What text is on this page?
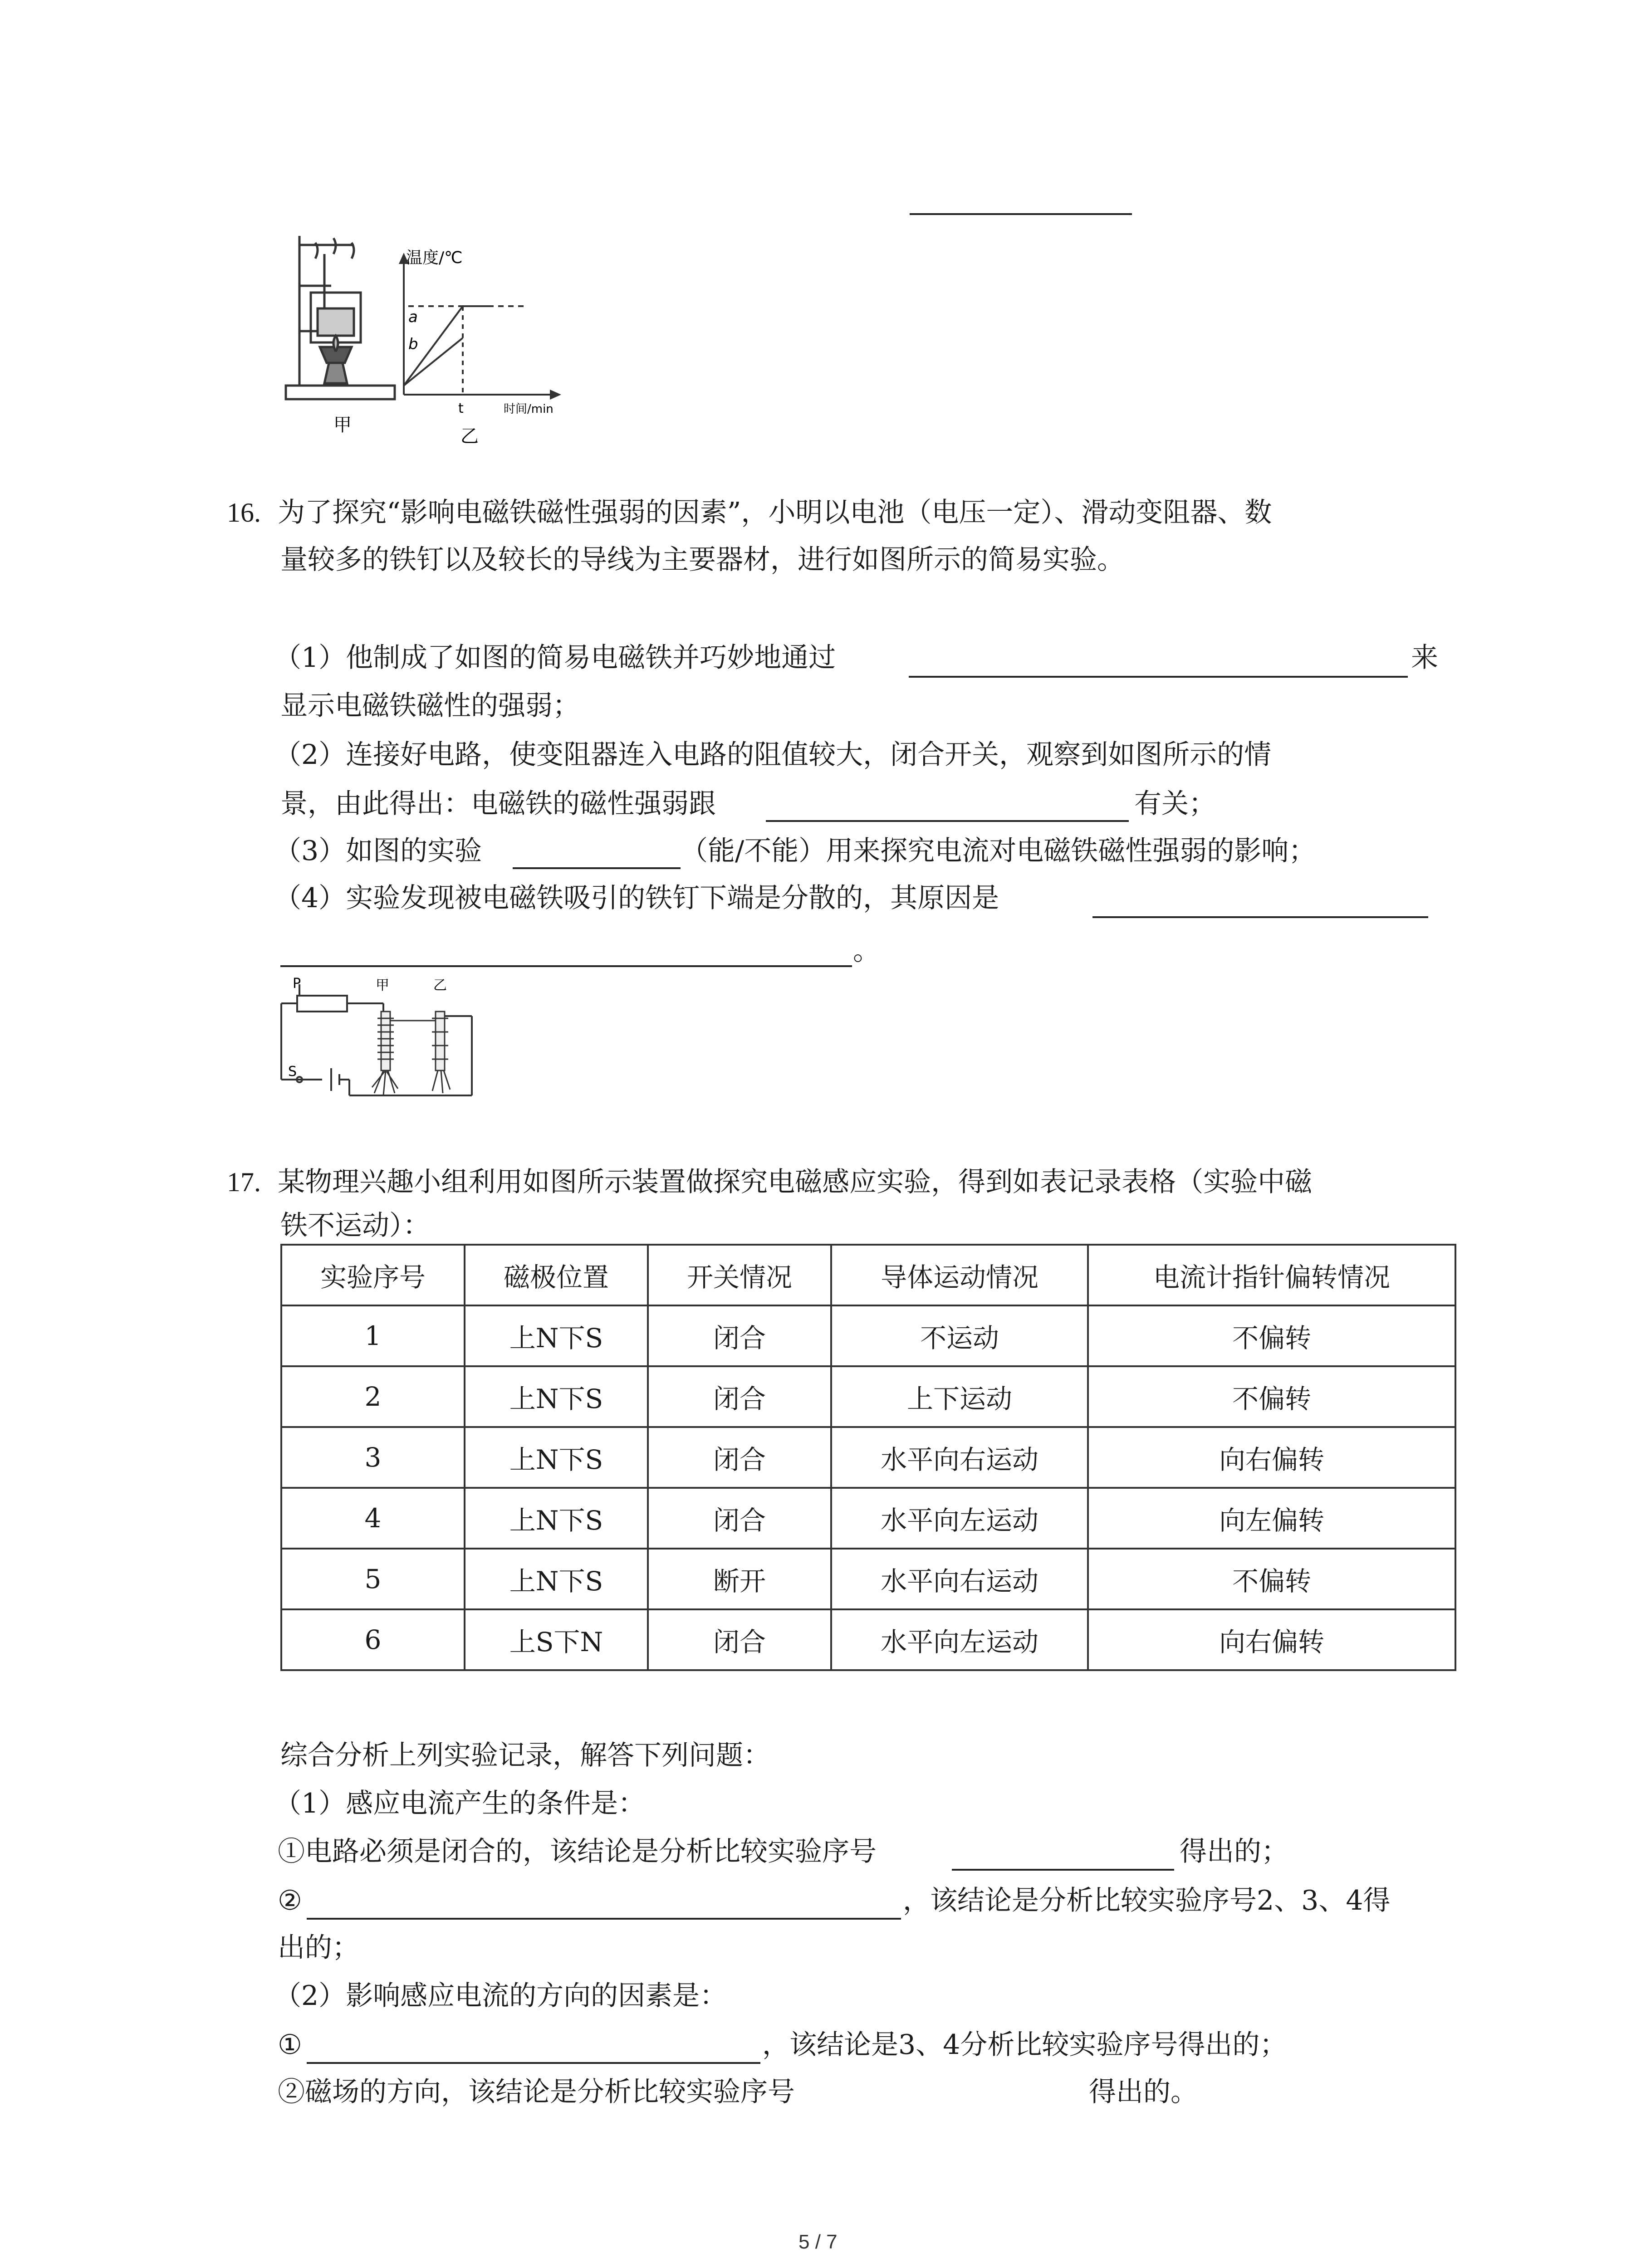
甲
温度/℃
时间/min
a
b
t
乙
16. 为了探究“影响电磁铁磁性强弱的因素”，小明以电池（电压一定）、滑动变阻器、数
量较多的铁钉以及较长的导线为主要器材，进行如图所示的简易实验。
（1）他制成了如图的简易电磁铁并巧妙地通过	来
显示电磁铁磁性的强弱；
（2）连接好电路，使变阻器连入电路的阻值较大，闭合开关，观察到如图所示的情
景，由此得出：电磁铁的磁性强弱跟	有关；
（3）如图的实验	（能/不能）用来探究电流对电磁铁磁性强弱的影响；
（4）实验发现被电磁铁吸引的铁钉下端是分散的，其原因是
。
P
S
甲	乙
17. 某物理兴趣小组利用如图所示装置做探究电磁感应实验，得到如表记录表格（实验中磁
铁不运动）：
实验序号	磁极位置	开关情况	导体运动情况	电流计指针偏转情况
1	上N下S	闭合	不运动	不偏转
2	上N下S	闭合	上下运动	不偏转
3	上N下S	闭合	水平向右运动	向右偏转
4	上N下S	闭合	水平向左运动	向左偏转
5	上N下S	断开	水平向右运动	不偏转
6	上S下N	闭合	水平向左运动	向右偏转
综合分析上列实验记录，解答下列问题：
（1）感应电流产生的条件是：
①电路必须是闭合的，该结论是分析比较实验序号	得出的；
②	，该结论是分析比较实验序号2、3、4得
出的；
（2）影响感应电流的方向的因素是：
①	，该结论是3、4分析比较实验序号得出的；
②磁场的方向，该结论是分析比较实验序号	得出的。
5 / 7
